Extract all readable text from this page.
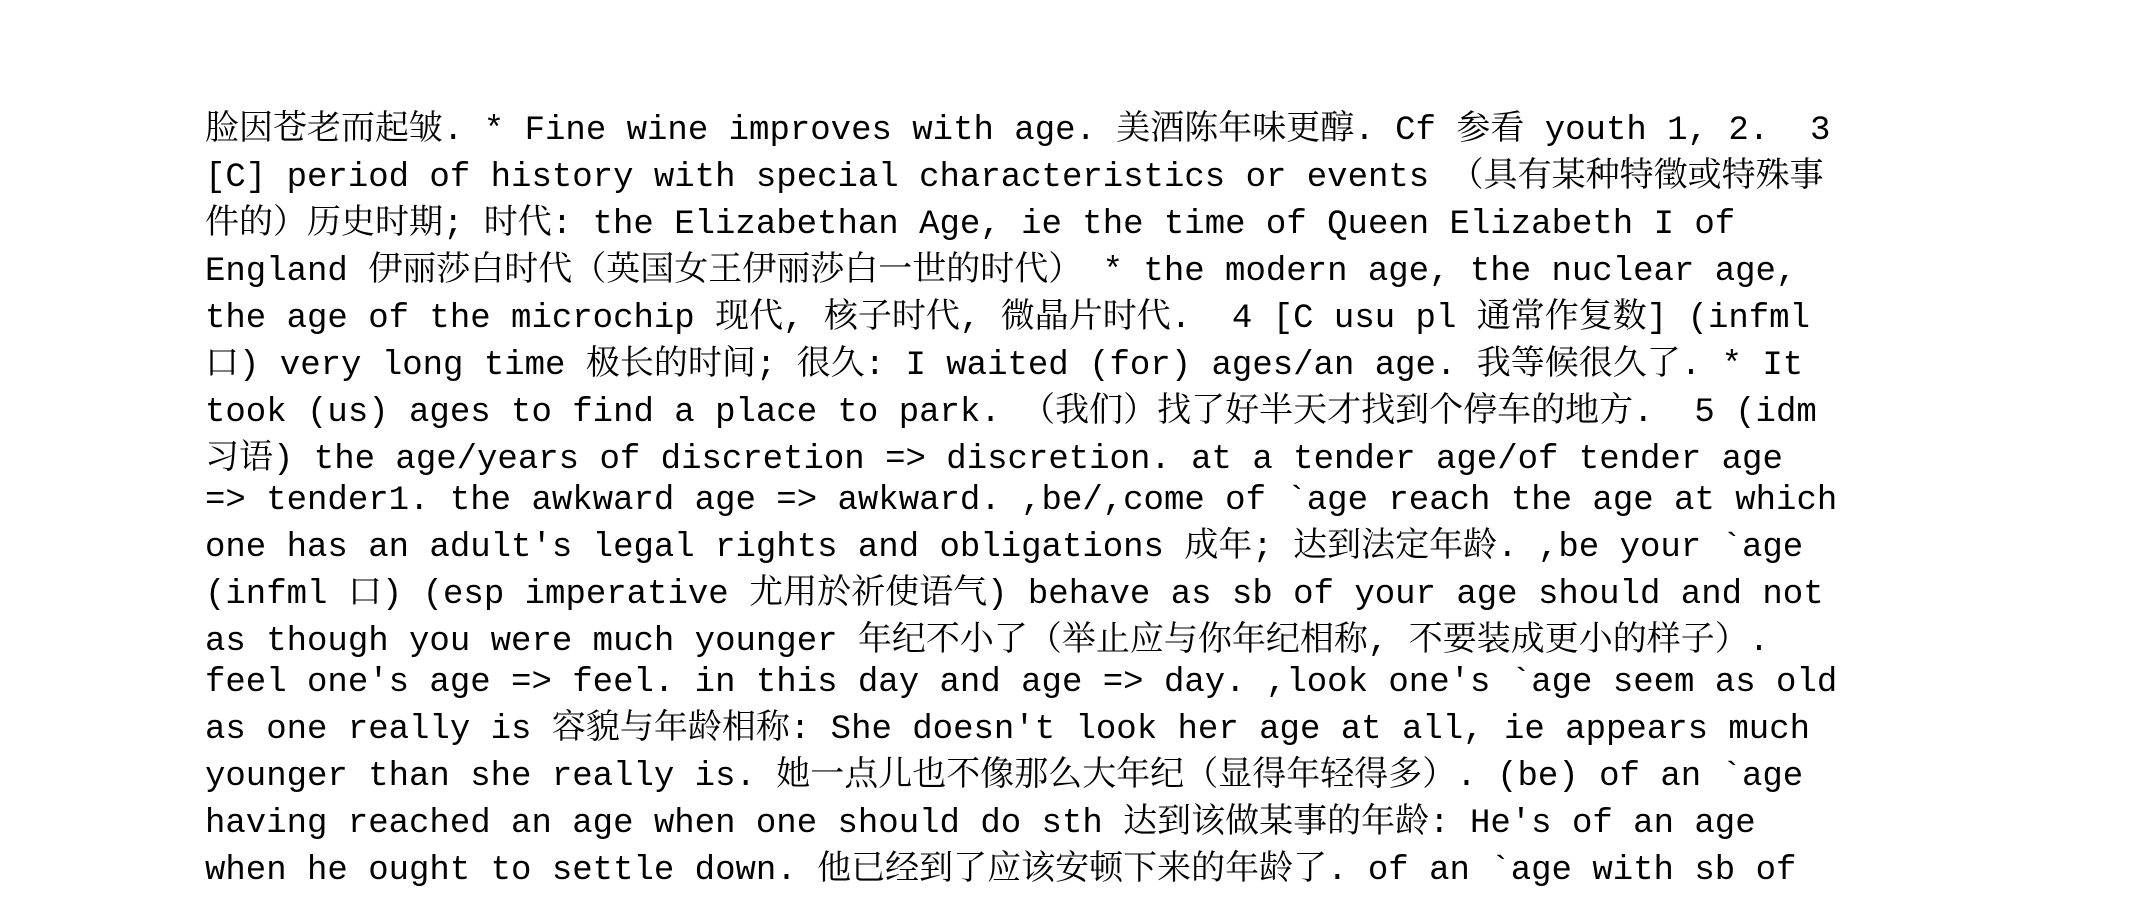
脸因苍老而起皱. * Fine wine improves with age. 美酒陈年味更醇. Cf 参看 youth 1, 2.  3
[C] period of history with special characteristics or events （具有某种特徵或特殊事
件的）历史时期; 时代: the Elizabethan Age, ie the time of Queen Elizabeth I of
England 伊丽莎白时代（英国女王伊丽莎白一世的时代） * the modern age, the nuclear age,
the age of the microchip 现代, 核子时代, 微晶片时代.  4 [C usu pl 通常作复数] (infml
口) very long time 极长的时间; 很久: I waited (for) ages/an age. 我等候很久了. * It
took (us) ages to find a place to park. （我们）找了好半天才找到个停车的地方.  5 (idm
习语) the age/years of discretion => discretion. at a tender age/of tender age
=> tender1. the awkward age => awkward. ,be/,come of `age reach the age at which
one has an adult's legal rights and obligations 成年; 达到法定年龄. ,be your `age
(infml 口) (esp imperative 尤用於祈使语气) behave as sb of your age should and not
as though you were much younger 年纪不小了（举止应与你年纪相称, 不要装成更小的样子）.
feel one's age => feel. in this day and age => day. ,look one's `age seem as old
as one really is 容貌与年龄相称: She doesn't look her age at all, ie appears much
younger than she really is. 她一点儿也不像那么大年纪（显得年轻得多）. (be) of an `age
having reached an age when one should do sth 达到该做某事的年龄: He's of an age
when he ought to settle down. 他已经到了应该安顿下来的年龄了. of an `age with sb of
